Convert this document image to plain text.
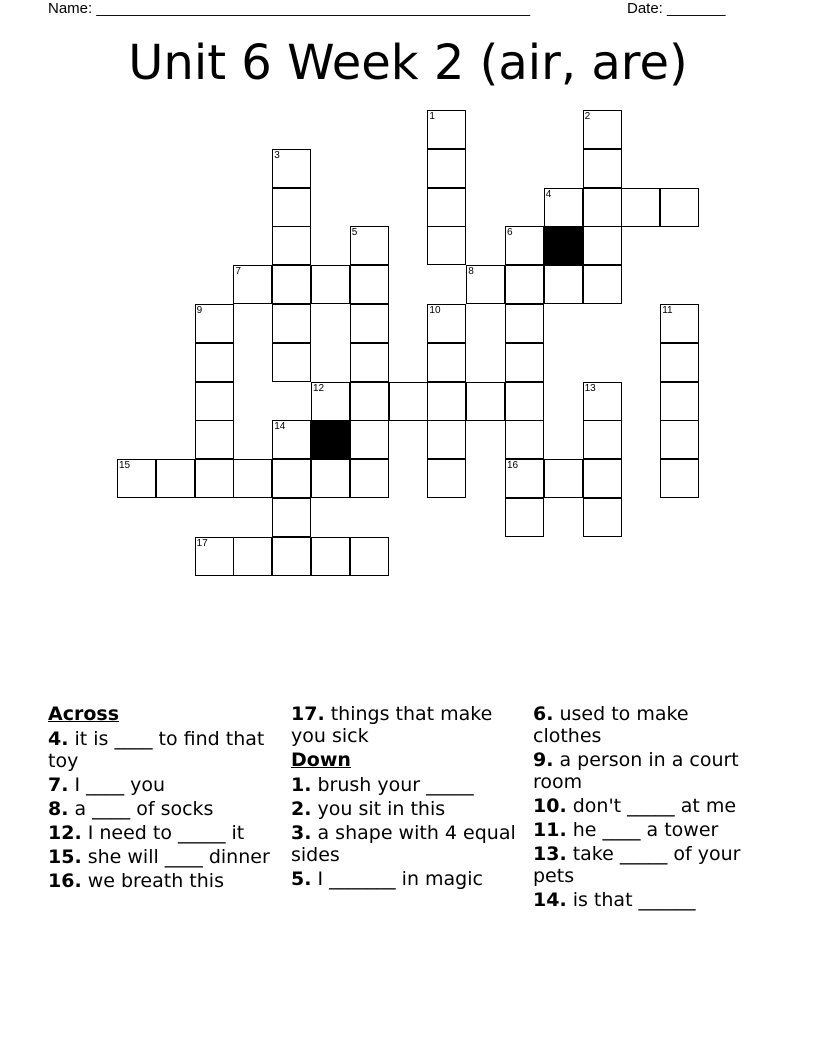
Name: ____________________________________________________	Date: _______
Unit 6 Week 2 (air, are)
1	2
3
4
5	6
7	8
9	10	11
12	13
14
15	16
17
Across
4. it is ____ to find that toy
7. I ____ you
8. a ____ of socks
12. I need to _____ it
15. she will ____ dinner
16. we breath this
17. things that make you sick
Down
1. brush your _____
2. you sit in this
3. a shape with 4 equal sides
5. I _______ in magic
6. used to make clothes
9. a person in a court room
10. don't _____ at me
11. he ____ a tower
13. take _____ of your pets
14. is that ______
